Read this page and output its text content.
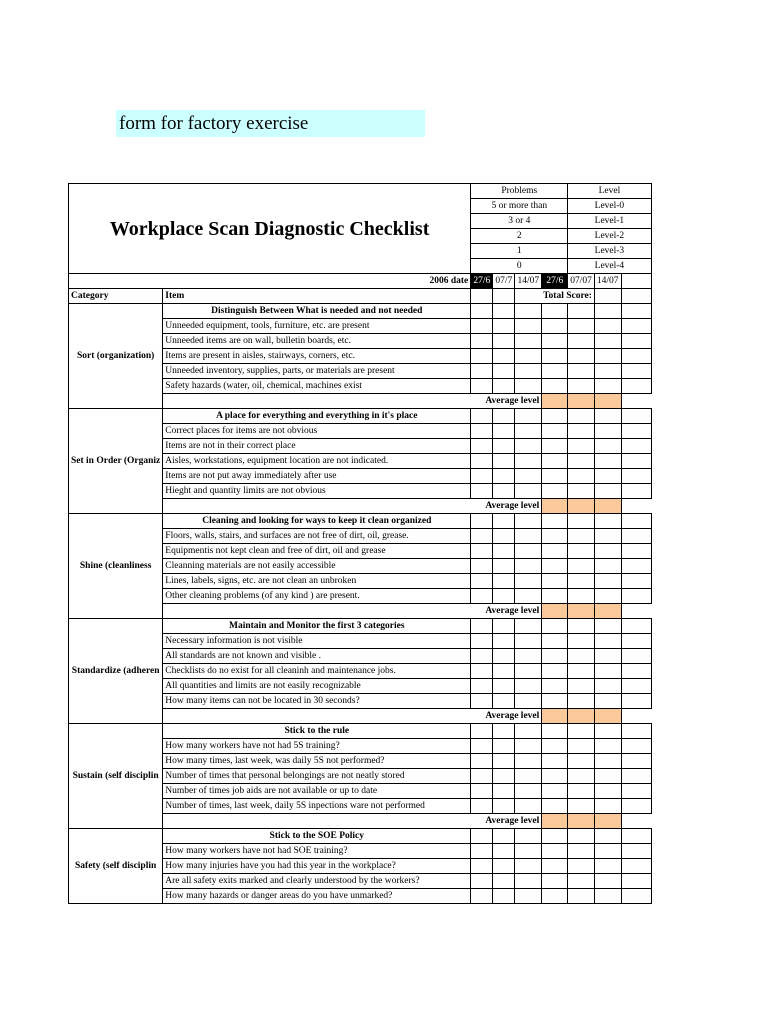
form for factory exercise
Workplace Scan Diagnostic Checklist		Problems				Level		
		5 or more than				Level-0		
		3 or 4				Level-1		
		2				Level-2		
		1				Level-3		
		0				Level-4		
2006 date		27/6	07/7	14/07	27/6	07/07	14/07	
Category	Item			Total Score:				
Sort (organization)	Distinguish Between What is needed and not needed							
	Unneeded equipment, tools, furniture, etc. are present							
	Unneeded items are on wall, bulletin boards, etc.							
	Items are present in aisles, stairways, corners, etc.							
	Unneeded inventory, supplies, parts, or materials are present							
	Safety hazards (water, oil, chemical, machines exist							
	Average level							
Set in Order (Organiz	A place for everything and everything in it's place							
	Correct places for items are not obvious							
	Items are not in their correct place							
	Aisles, workstations, equipment location are not indicated.							
	Items are not put away immediately after use							
	Hieght and quantity limits are not obvious							
	Average level							
Shine (cleanliness	Cleaning and looking for ways to keep it clean organized							
	Floors, walls, stairs, and surfaces are not free of dirt, oil, grease.							
	Equipmentis not kept clean and free of dirt, oil and grease							
	Cleanning materials are not easily accessible							
	Lines, labels, signs, etc. are not clean an unbroken							
	Other cleaning problems (of any kind ) are present.							
	Average level							
Standardize (adheren	Maintain and Monitor the first 3 categories							
	Necessary information is not visible							
	All standards are not known and visible .							
	Checklists do no exist for all cleaninh and maintenance jobs.							
	All quantities and limits are not easily recognizable							
	How many items can not be located in 30 seconds?							
	Average level							
Sustain (self disciplin	Stick to the rule							
	How many workers have not had 5S training?							
	How many times, last week, was daily 5S not performed?							
	Number of times that personal belongings are not neatly stored							
	Number of times job aids are not available or up to date							
	Number of times, last week, daily 5S inpections ware not performed							
	Average level							
Safety (self disciplin	Stick to the SOE Policy							
	How many workers have not had SOE training?							
	How many injuries have you had this year in the workplace?							
	Are all safety exits marked and clearly understood by the workers?							
	How many hazards or danger areas do you have unmarked?							
